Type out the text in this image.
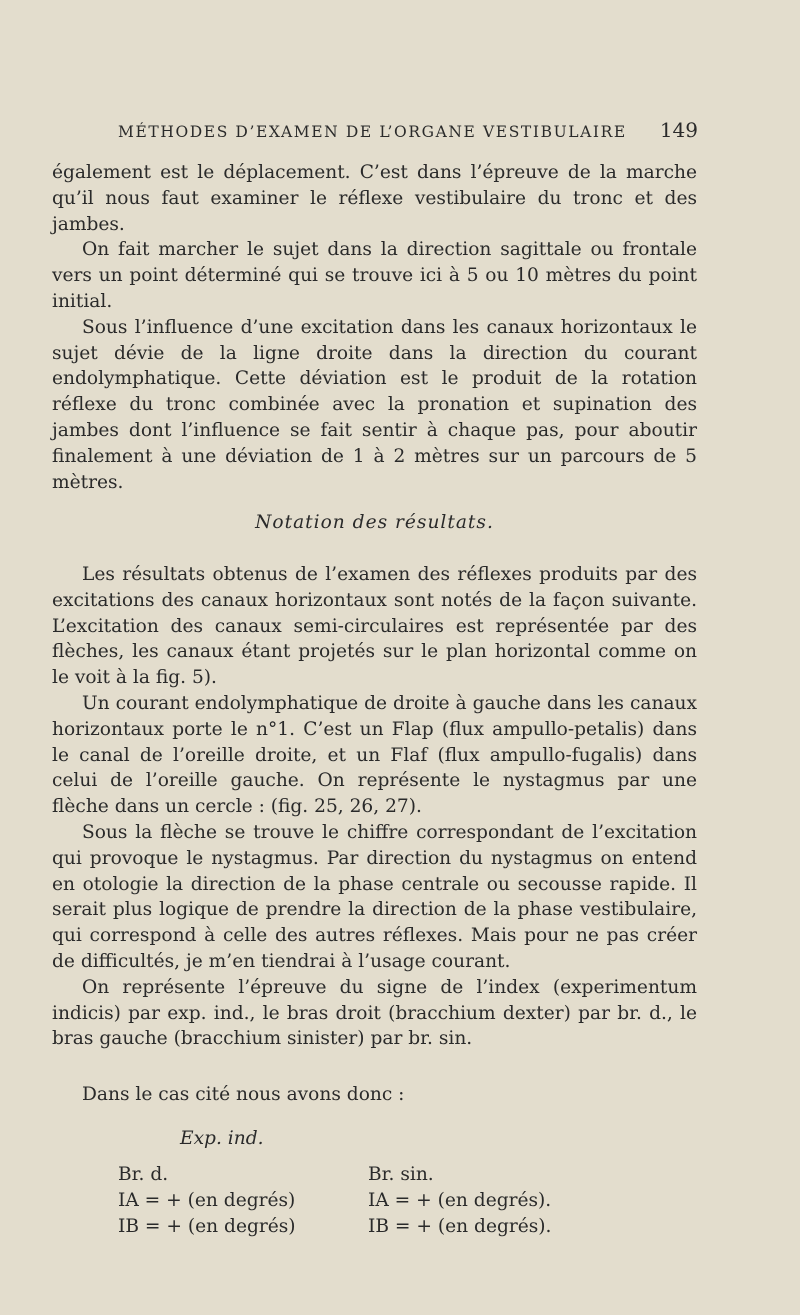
MÉTHODES D’EXAMEN DE L’ORGANE VESTIBULAIRE 149

également est le déplacement. C’est dans l’épreuve de la marche qu’il nous faut examiner le réflexe vestibulaire du tronc et des jambes.

On fait marcher le sujet dans la direction sagittale ou frontale vers un point déterminé qui se trouve ici à 5 ou 10 mètres du point initial.

Sous l’influence d’une excitation dans les canaux horizontaux le sujet dévie de la ligne droite dans la direction du courant endolymphatique. Cette déviation est le produit de la rotation réflexe du tronc combinée avec la pronation et supination des jambes dont l’influence se fait sentir à chaque pas, pour aboutir finalement à une déviation de 1 à 2 mètres sur un parcours de 5 mètres.

Notation des résultats.

Les résultats obtenus de l’examen des réflexes produits par des excitations des canaux horizontaux sont notés de la façon suivante. L’excitation des canaux semi-circulaires est représentée par des flèches, les canaux étant projetés sur le plan horizontal comme on le voit à la fig. 5).

Un courant endolymphatique de droite à gauche dans les canaux horizontaux porte le n°1. C’est un Flap (flux ampullo-petalis) dans le canal de l’oreille droite, et un Flaf (flux ampullo-fugalis) dans celui de l’oreille gauche. On représente le nystagmus par une flèche dans un cercle : (fig. 25, 26, 27).

Sous la flèche se trouve le chiffre correspondant de l’excitation qui provoque le nystagmus. Par direction du nystagmus on entend en otologie la direction de la phase centrale ou secousse rapide. Il serait plus logique de prendre la direction de la phase vestibulaire, qui correspond à celle des autres réflexes. Mais pour ne pas créer de difficultés, je m’en tiendrai à l’usage courant.

On représente l’épreuve du signe de l’index (experimentum indicis) par exp. ind., le bras droit (bracchium dexter) par br. d., le bras gauche (bracchium sinister) par br. sin.

Dans le cas cité nous avons donc :

Exp. ind.
Br. d.
IA = + (en degrés)
IB = + (en degrés)
Br. sin.
IA = + (en degrés).
IB = + (en degrés).
